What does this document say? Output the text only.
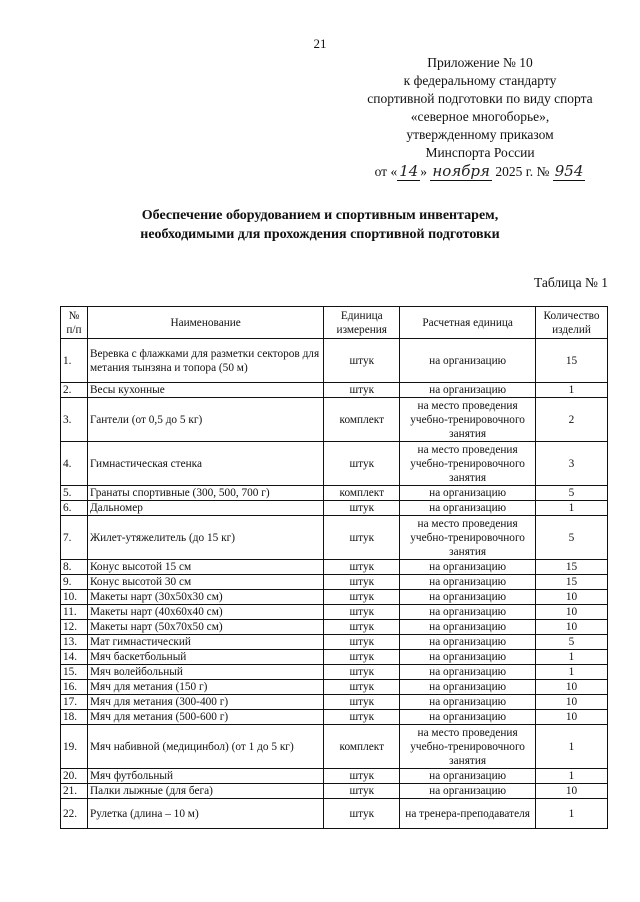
21
Приложение № 10
к федеральному стандарту
спортивной подготовки по виду спорта
«северное многоборье»,
утвержденному приказом
Минспорта России
от « 14 » ноября 2025 г. № 954
Обеспечение оборудованием и спортивным инвентарем,
необходимыми для прохождения спортивной подготовки
Таблица № 1
№ п/п	Наименование	Единица измерения	Расчетная единица	Количество изделий
1.	Веревка с флажками для разметки секторов для метания тынзяна и топора (50 м)	штук	на организацию	15
2.	Весы кухонные	штук	на организацию	1
3.	Гантели (от 0,5 до 5 кг)	комплект	на место проведения учебно-тренировочного занятия	2
4.	Гимнастическая стенка	штук	на место проведения учебно-тренировочного занятия	3
5.	Гранаты спортивные (300, 500, 700 г)	комплект	на организацию	5
6.	Дальномер	штук	на организацию	1
7.	Жилет-утяжелитель (до 15 кг)	штук	на место проведения учебно-тренировочного занятия	5
8.	Конус высотой 15 см	штук	на организацию	15
9.	Конус высотой 30 см	штук	на организацию	15
10.	Макеты нарт (30х50х30 см)	штук	на организацию	10
11.	Макеты нарт (40х60х40 см)	штук	на организацию	10
12.	Макеты нарт (50х70х50 см)	штук	на организацию	10
13.	Мат гимнастический	штук	на организацию	5
14.	Мяч баскетбольный	штук	на организацию	1
15.	Мяч волейбольный	штук	на организацию	1
16.	Мяч для метания (150 г)	штук	на организацию	10
17.	Мяч для метания (300-400 г)	штук	на организацию	10
18.	Мяч для метания (500-600 г)	штук	на организацию	10
19.	Мяч набивной (медицинбол) (от 1 до 5 кг)	комплект	на место проведения учебно-тренировочного занятия	1
20.	Мяч футбольный	штук	на организацию	1
21.	Палки лыжные (для бега)	штук	на организацию	10
22.	Рулетка (длина – 10 м)	штук	на тренера-преподавателя	1
